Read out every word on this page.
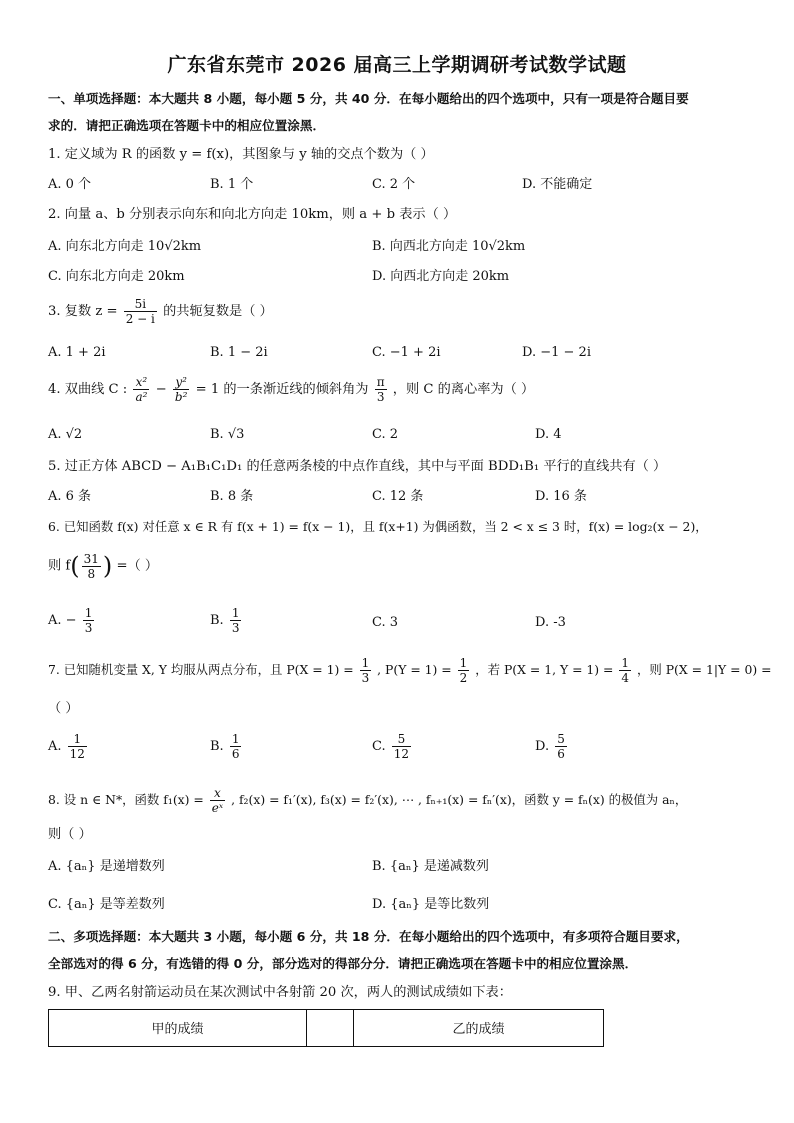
广东省东莞市 2026 届高三上学期调研考试数学试题
一、单项选择题：本大题共 8 小题，每小题 5 分，共 40 分．在每小题给出的四个选项中，只有一项是符合题目要
求的．请把正确选项在答题卡中的相应位置涂黑．
1. 定义域为 R 的函数 y = f(x)，其图象与 y 轴的交点个数为（ ）
A. 0 个	B. 1 个	C. 2 个	D. 不能确定
2. 向量 a、b 分别表示向东和向北方向走 10km，则 a + b 表示（ ）
A. 向东北方向走 10√2km	B. 向西北方向走 10√2km
C. 向东北方向走 20km	D. 向西北方向走 20km
3. 复数 $z = \frac{5i}{2 - i}$ 的共轭复数是（ ）
A. 1 + 2i	B. 1 − 2i	C. −1 + 2i	D. −1 − 2i
4. 双曲线 C : $\frac{\text{x²}}{\text{a²}} - \frac{\text{y²}}{\text{b²}} = 1$ 的一条渐近线的倾斜角为 $\frac{\pi}{3}$ ，则 C 的离心率为（ ）
A. √2	B. √3	C. 2	D. 4
5. 过正方体 ABCD − A₁B₁C₁D₁ 的任意两条棱的中点作直线，其中与平面 BDD₁B₁ 平行的直线共有（ ）
A. 6 条	B. 8 条	C. 12 条	D. 16 条
6. 已知函数 f(x) 对任意 x ∈ R 有 f(x + 1) = f(x − 1)，且 f(x+1) 为偶函数，当 2 < x ≤ 3 时，f(x) = log₂(x − 2)，
则 $f( \frac{31}{8}$ ) =（ ）
A. − $\frac{1}{3}$	B. $\frac{1}{3}$	C. 3	D. -3
7. 已知随机变量 X, Y 均服从两点分布，且 $P(X = 1) = \frac{1}{3}$ , $P(Y = 1) = \frac{1}{2}$ ，若 P(X = 1, $Y = 1) = \frac{1}{4}$ ，则 P(X = 1|Y = 0) =
（ ）
A. $\frac{1}{12}$	B. $\frac{1}{6}$	C. $\frac{5}{12}$	D. $\frac{5}{6}$
8. 设 n ∈ N*，函数 $f_1(x) = \frac{x}{\text{eˣ}}$ , f₂(x) = f₁′(x), f₃(x) = f₂′(x), ⋯ , fₙ₊₁(x) = fₙ′(x)，函数 y = fₙ(x) 的极值为 aₙ，
则（ ）
A. {aₙ} 是递增数列	B. {aₙ} 是递减数列
C. {aₙ} 是等差数列	D. {aₙ} 是等比数列
二、多项选择题：本大题共 3 小题，每小题 6 分，共 18 分．在每小题给出的四个选项中，有多项符合题目要求，
全部选对的得 6 分，有选错的得 0 分，部分选对的得部分分．请把正确选项在答题卡中的相应位置涂黑．
9. 甲、乙两名射箭运动员在某次测试中各射箭 20 次，两人的测试成绩如下表：
甲的成绩		乙的成绩
